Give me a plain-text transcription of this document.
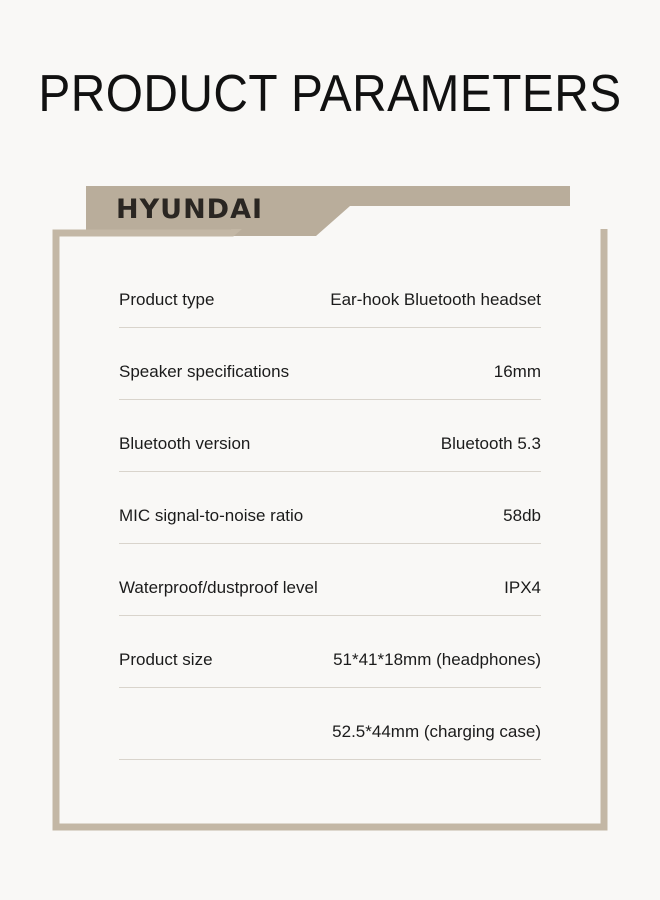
PRODUCT PARAMETERS
HYUNDAI
Product type	Ear-hook Bluetooth headset
Speaker specifications	16mm
Bluetooth version	Bluetooth 5.3
MIC signal-to-noise ratio	58db
Waterproof/dustproof level	IPX4
Product size	51*41*18mm (headphones)
52.5*44mm (charging case)
